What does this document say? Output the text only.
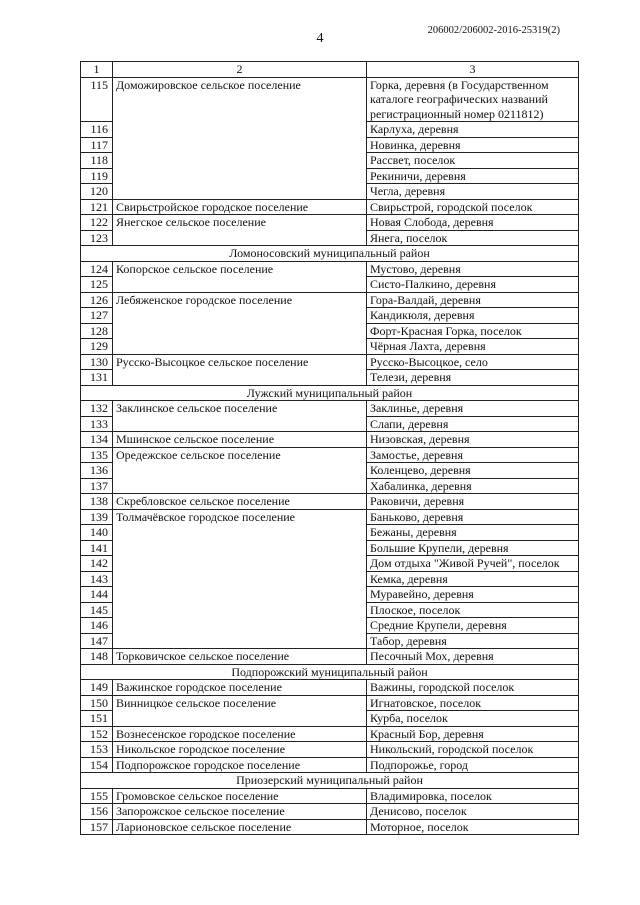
206002/206002-2016-25319(2)
4
1	2	3
115	Доможировское сельское поселение	Горка, деревня (в Государственном каталоге географических названий регистрационный номер 0211812)
116		Карлуха, деревня
117		Новинка, деревня
118		Рассвет, поселок
119		Рекиничи, деревня
120		Чегла, деревня
121	Свирьстройское городское поселение	Свирьстрой, городской поселок
122	Янегское сельское поселение	Новая Слобода, деревня
123		Янега, поселок
Ломоносовский муниципальный район		
124	Копорское сельское поселение	Мустово, деревня
125		Систо-Палкино, деревня
126	Лебяженское городское поселение	Гора-Валдай, деревня
127		Кандикюля, деревня
128		Форт-Красная Горка, поселок
129		Чёрная Лахта, деревня
130	Русско-Высоцкое сельское поселение	Русско-Высоцкое, село
131		Телези, деревня
Лужский муниципальный район		
132	Заклинское сельское поселение	Заклинье, деревня
133		Слапи, деревня
134	Мшинское сельское поселение	Низовская, деревня
135	Оредежское сельское поселение	Замостье, деревня
136		Коленцево, деревня
137		Хабалинка, деревня
138	Скребловское сельское поселение	Раковичи, деревня
139	Толмачёвское городское поселение	Баньково, деревня
140		Бежаны, деревня
141		Большие Крупели, деревня
142		Дом отдыха "Живой Ручей", поселок
143		Кемка, деревня
144		Муравейно, деревня
145		Плоское, поселок
146		Средние Крупели, деревня
147		Табор, деревня
148	Торковичское сельское поселение	Песочный Мох, деревня
Подпорожский муниципальный район		
149	Важинское городское поселение	Важины, городской поселок
150	Винницкое сельское поселение	Игнатовское, поселок
151		Курба, поселок
152	Вознесенское городское поселение	Красный Бор, деревня
153	Никольское городское поселение	Никольский, городской поселок
154	Подпорожское городское поселение	Подпорожье, город
Приозерский муниципальный район		
155	Громовское сельское поселение	Владимировка, поселок
156	Запорожское сельское поселение	Денисово, поселок
157	Ларионовское сельское поселение	Моторное, поселок
